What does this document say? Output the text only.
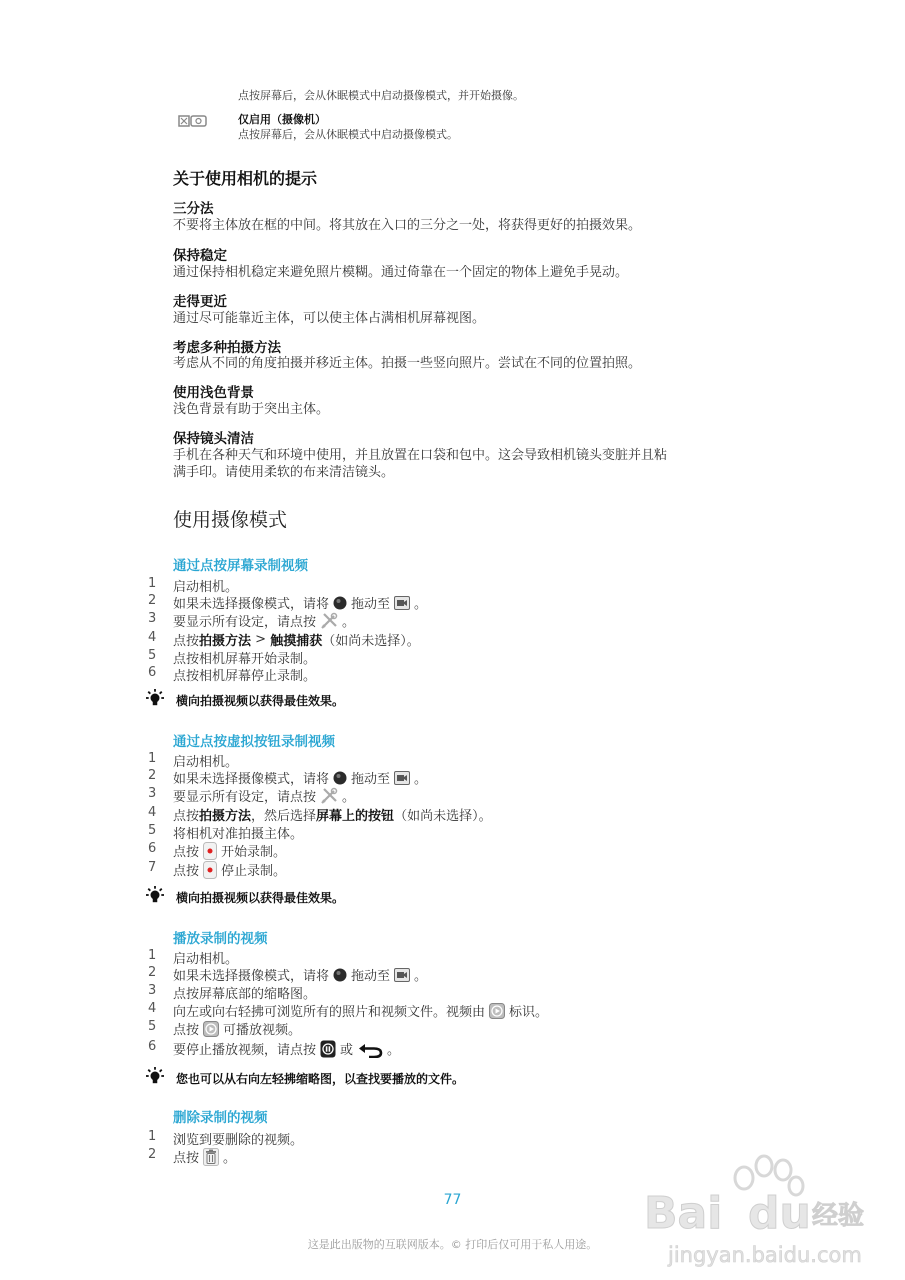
点按屏幕后，会从休眠模式中启动摄像模式，并开始摄像。
仅启用（摄像机）
点按屏幕后，会从休眠模式中启动摄像模式。
关于使用相机的提示
三分法
不要将主体放在框的中间。将其放在入口的三分之一处，将获得更好的拍摄效果。
保持稳定
通过保持相机稳定来避免照片模糊。通过倚靠在一个固定的物体上避免手晃动。
走得更近
通过尽可能靠近主体，可以使主体占满相机屏幕视图。
考虑多种拍摄方法
考虑从不同的角度拍摄并移近主体。拍摄一些竖向照片。尝试在不同的位置拍照。
使用浅色背景
浅色背景有助于突出主体。
保持镜头清洁
手机在各种天气和环境中使用，并且放置在口袋和包中。这会导致相机镜头变脏并且粘
满手印。请使用柔软的布来清洁镜头。
使用摄像模式
通过点按屏幕录制视频
1	启动相机。
2	如果未选择摄像模式，请将 拖动至 。
3	要显示所有设定，请点按 。
4	点按 拍摄方法 > 触摸捕获 （如尚未选择）。
5	点按相机屏幕开始录制。
6	点按相机屏幕停止录制。
横向拍摄视频以获得最佳效果。
通过点按虚拟按钮录制视频
1	启动相机。
2	如果未选择摄像模式，请将 拖动至 。
3	要显示所有设定，请点按 。
4	点按 拍摄方法 ，然后选择 屏幕上的按钮 （如尚未选择）。
5	将相机对准拍摄主体。
6	点按 开始录制。
7	点按 停止录制。
横向拍摄视频以获得最佳效果。
播放录制的视频
1	启动相机。
2	如果未选择摄像模式，请将 拖动至 。
3	点按屏幕底部的缩略图。
4	向左或向右轻拂可浏览所有的照片和视频文件。视频由 标识。
5	点按 可播放视频。
6	要停止播放视频，请点按 或	。
您也可以从右向左轻拂缩略图，以查找要播放的文件。
删除录制的视频
1	浏览到要删除的视频。
2	点按 。
Bai du 经验
jingyan.baidu.com
77
这是此出版物的互联网版本。© 打印后仅可用于私人用途。
